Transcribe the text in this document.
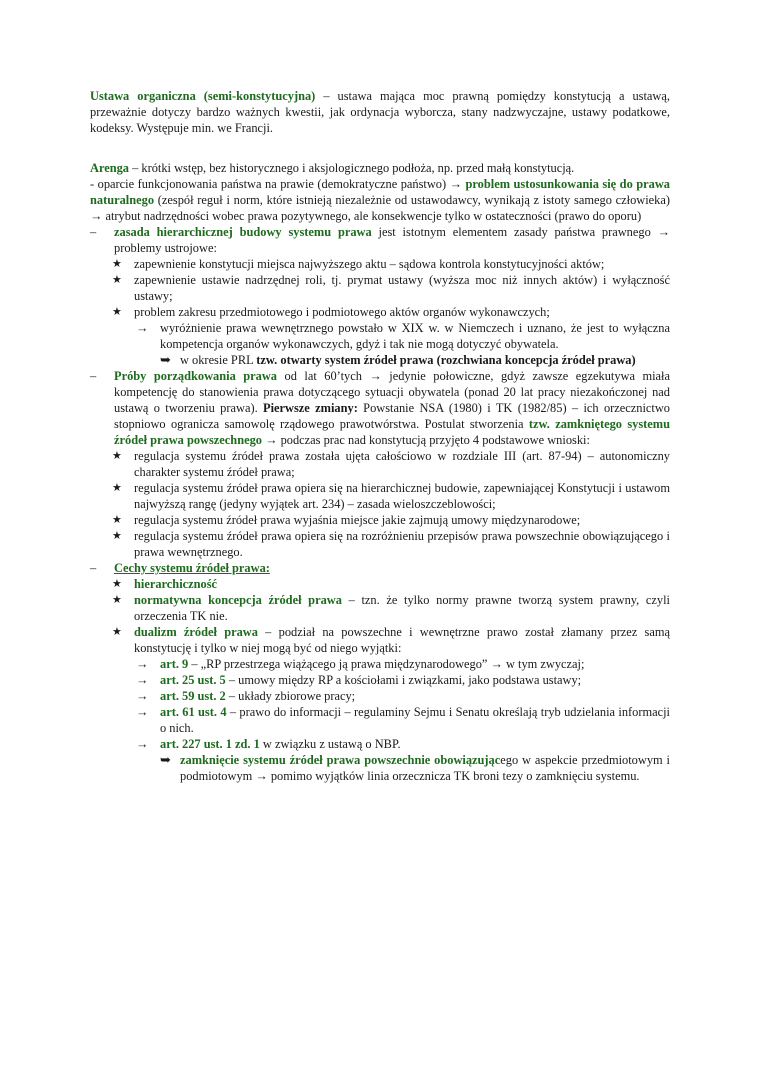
Ustawa organiczna (semi-konstytucyjna) – ustawa mająca moc prawną pomiędzy konstytucją a ustawą, przeważnie dotyczy bardzo ważnych kwestii, jak ordynacja wyborcza, stany nadzwyczajne, ustawy podatkowe, kodeksy. Występuje min. we Francji.

Arenga – krótki wstęp, bez historycznego i aksjologicznego podłoża, np. przed małą konstytucją.
- oparcie funkcjonowania państwa na prawie (demokratyczne państwo) → problem ustosunkowania się do prawa naturalnego (zespół reguł i norm, które istnieją niezależnie od ustawodawcy, wynikają z istoty samego człowieka) → atrybut nadrzędności wobec prawa pozytywnego, ale konsekwencje tylko w ostateczności (prawo do oporu)

– zasada hierarchicznej budowy systemu prawa jest istotnym elementem zasady państwa prawnego → problemy ustrojowe:
★ zapewnienie konstytucji miejsca najwyższego aktu – sądowa kontrola konstytucyjności aktów;
★ zapewnienie ustawie nadrzędnej roli, tj. prymat ustawy (wyższa moc niż innych aktów) i wyłączność ustawy;
★ problem zakresu przedmiotowego i podmiotowego aktów organów wykonawczych;
→ wyróżnienie prawa wewnętrznego powstało w XIX w. w Niemczech i uznano, że jest to wyłączna kompetencja organów wykonawczych, gdyż i tak nie mogą dotyczyć obywatela.
➥ w okresie PRL tzw. otwarty system źródeł prawa (rozchwiana koncepcja źródeł prawa)
– Próby porządkowania prawa od lat 60’tych → jedynie połowiczne, gdyż zawsze egzekutywa miała kompetencję do stanowienia prawa dotyczącego sytuacji obywatela (ponad 20 lat pracy niezakończonej nad ustawą o tworzeniu prawa). Pierwsze zmiany: Powstanie NSA (1980) i TK (1982/85) – ich orzecznictwo stopniowo ogranicza samowolę rządowego prawotwórstwa. Postulat stworzenia tzw. zamkniętego systemu źródeł prawa powszechnego → podczas prac nad konstytucją przyjęto 4 podstawowe wnioski:
★ regulacja systemu źródeł prawa została ujęta całościowo w rozdziale III (art. 87-94) – autonomiczny charakter systemu źródeł prawa;
★ regulacja systemu źródeł prawa opiera się na hierarchicznej budowie, zapewniającej Konstytucji i ustawom najwyższą rangę (jedyny wyjątek art. 234) – zasada wieloszczeblowości;
★ regulacja systemu źródeł prawa wyjaśnia miejsce jakie zajmują umowy międzynarodowe;
★ regulacja systemu źródeł prawa opiera się na rozróżnieniu przepisów prawa powszechnie obowiązującego i prawa wewnętrznego.
– Cechy systemu źródeł prawa:
★ hierarchiczność
★ normatywna koncepcja źródeł prawa – tzn. że tylko normy prawne tworzą system prawny, czyli orzeczenia TK nie.
★ dualizm źródeł prawa – podział na powszechne i wewnętrzne prawo został złamany przez samą konstytucję i tylko w niej mogą być od niego wyjątki:
→ art. 9 – „RP przestrzega wiążącego ją prawa międzynarodowego” → w tym zwyczaj;
→ art. 25 ust. 5 – umowy między RP a kościołami i związkami, jako podstawa ustawy;
→ art. 59 ust. 2 – układy zbiorowe pracy;
→ art. 61 ust. 4 – prawo do informacji – regulaminy Sejmu i Senatu określają tryb udzielania informacji o nich.
→ art. 227 ust. 1 zd. 1 w związku z ustawą o NBP.
➥ zamknięcie systemu źródeł prawa powszechnie obowiązującego w aspekcie przedmiotowym i podmiotowym → pomimo wyjątków linia orzecznicza TK broni tezy o zamknięciu systemu.
